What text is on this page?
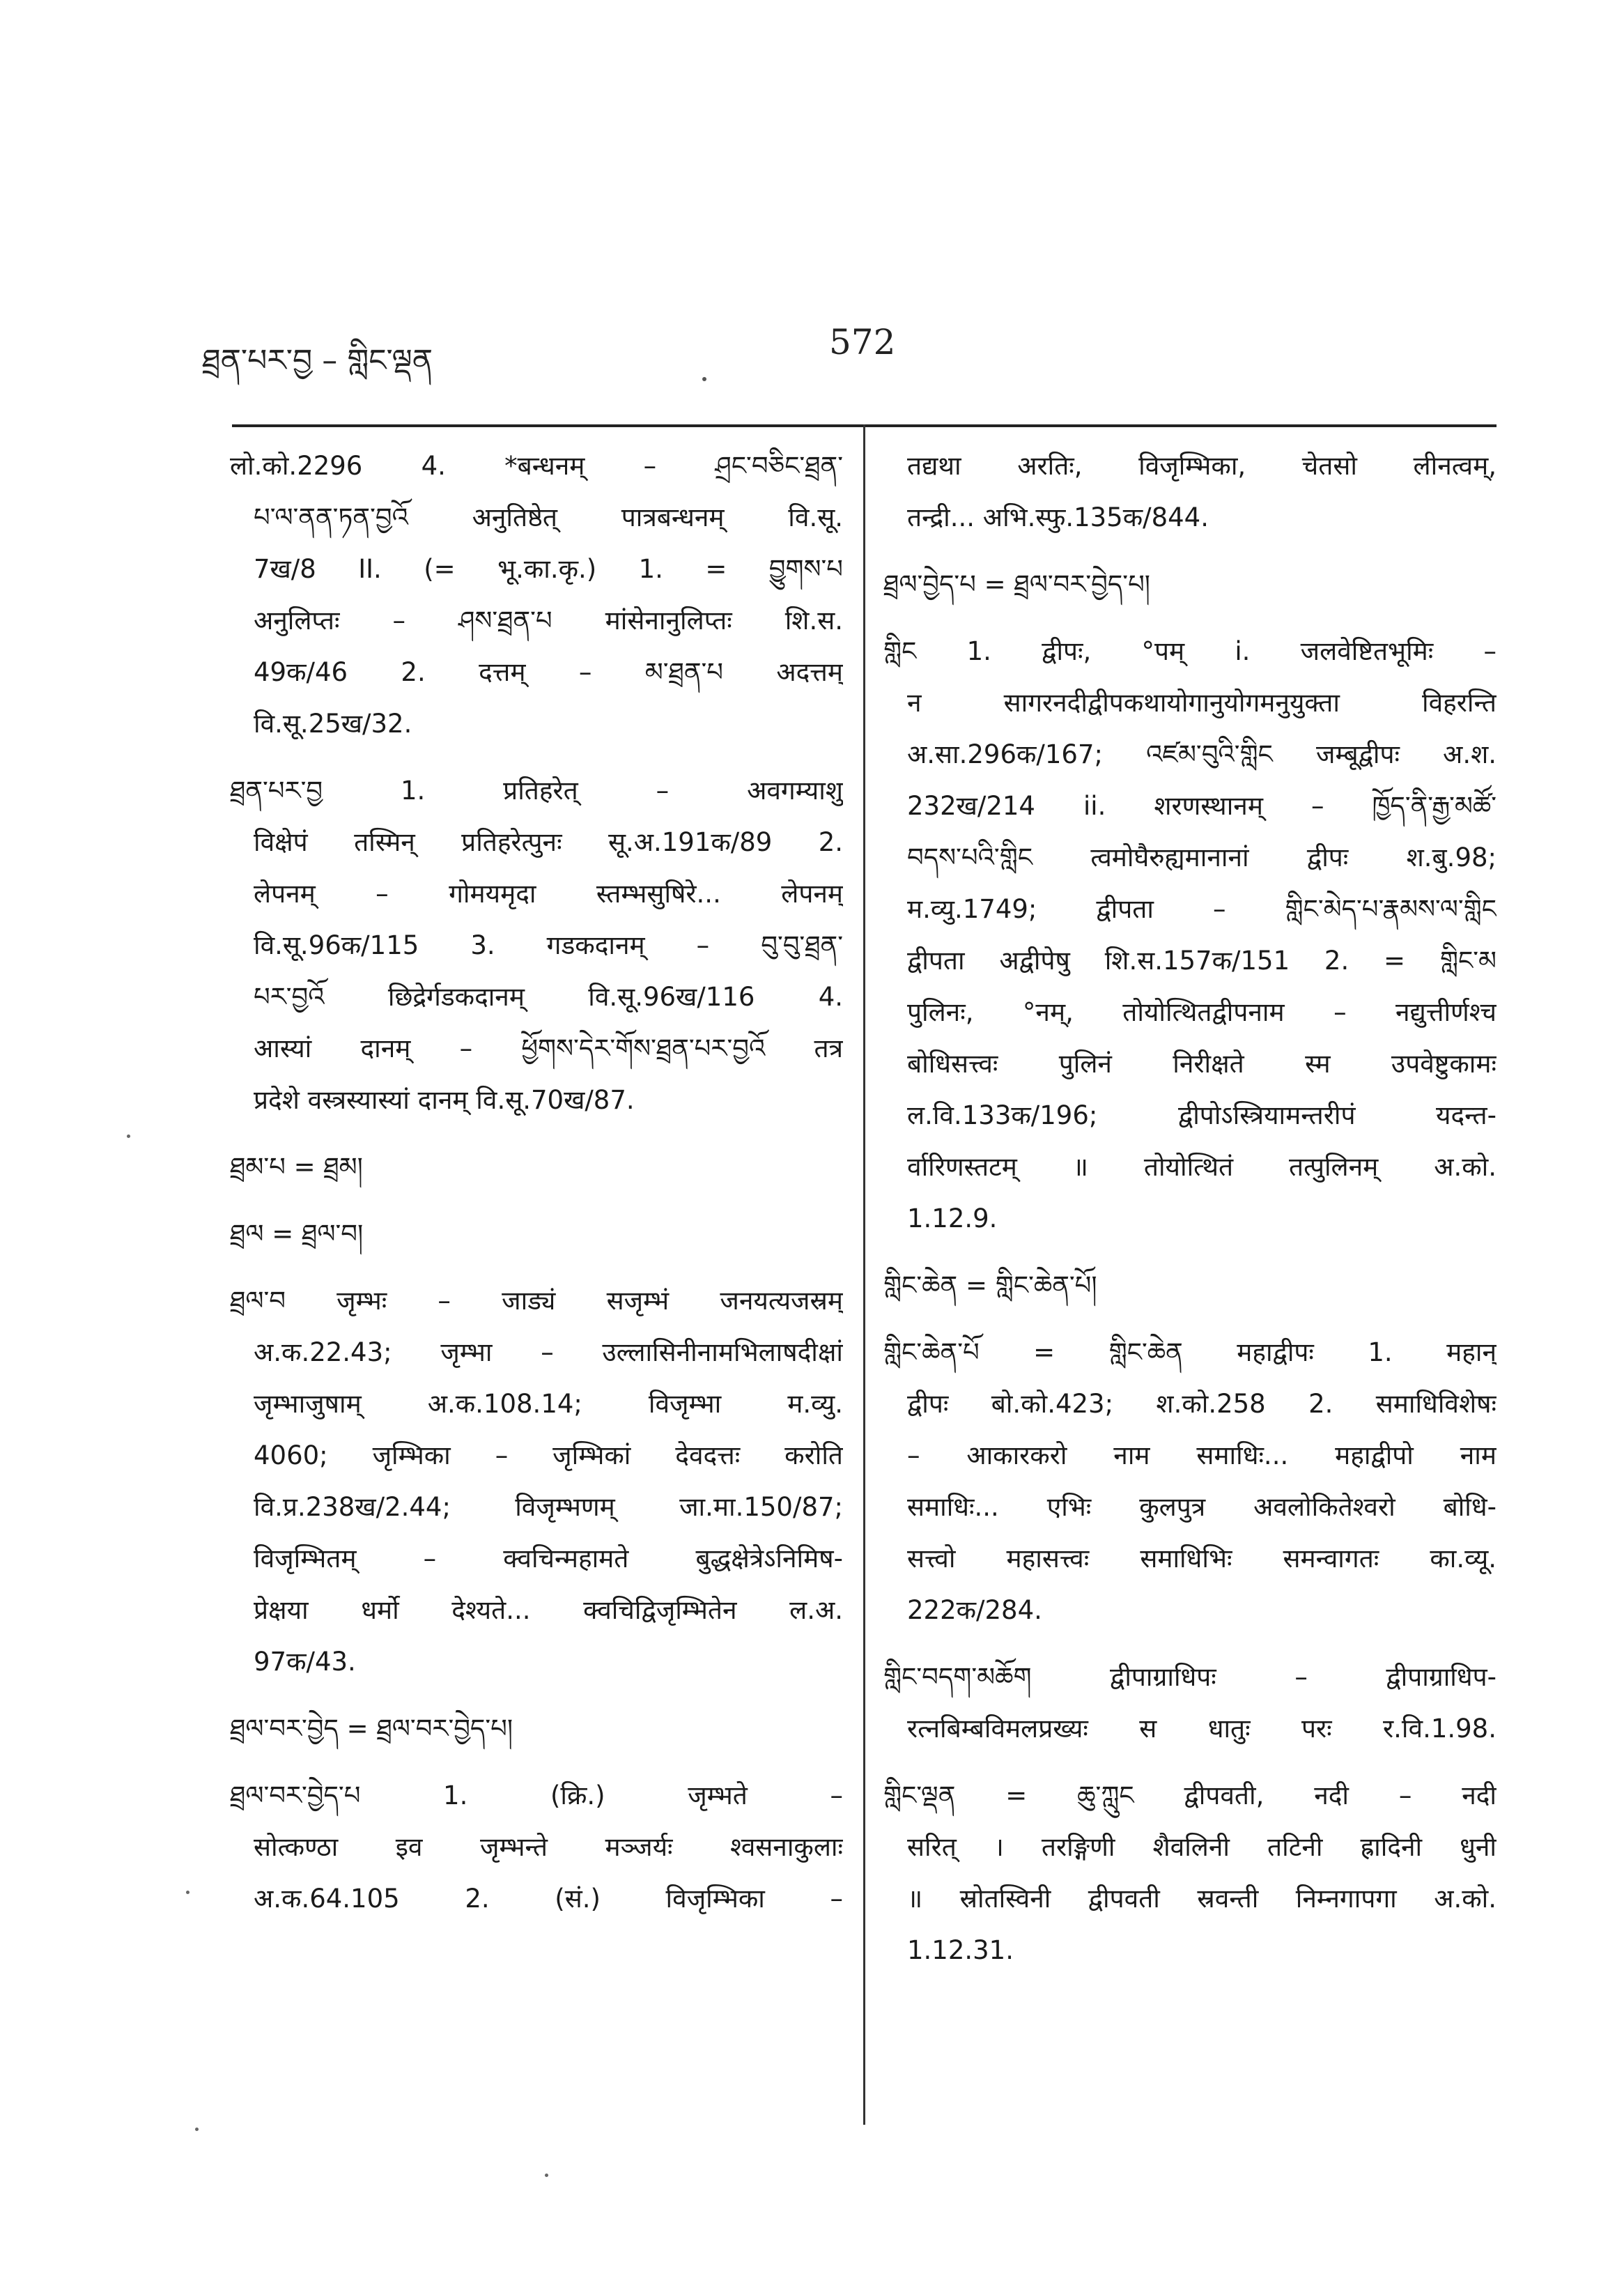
ཐྲན་པར་བྱ – གླིང་ལྡན	572
लो.को.2296 4. *बन्धनम् – ཤྲང་བཅིང་ཐྲན་
པ་ལ་ནན་ཏན་བྱའོ अनुतिष्ठेत् पात्रबन्धनम् वि.सू.
7ख/8 II. (= भू.का.कृ.) 1. = བྱུགས་པ
अनुलिप्तः – ཤས་ཐྲན་པ मांसेनानुलिप्तः शि.स.
49क/46 2. दत्तम् – མ་ཐྲན་པ अदत्तम्
वि.सू.25ख/32.
ཐྲན་པར་བྱ 1. प्रतिहरेत् – अवगम्याशु
विक्षेपं तस्मिन् प्रतिहरेत्पुनः सू.अ.191क/89 2.
लेपनम् – गोमयमृदा स्तम्भसुषिरे... लेपनम्
वि.सू.96क/115 3. गडकदानम् – བུ་བུ་ཐྲན་
པར་བྱའོ छिद्रेर्गडकदानम् वि.सू.96ख/116 4.
आस्यां दानम् – ཕྱོགས་དེར་གོས་ཐྲན་པར་བྱའོ तत्र
प्रदेशे वस्त्रस्यास्यां दानम् वि.सू.70ख/87.
ཐྲམ་པ = ཐྲམ།
ཐྲལ = ཐྲལ་བ།
ཐྲལ་བ जृम्भः – जाड्यं सजृम्भं जनयत्यजस्रम्
अ.क.22.43; जृम्भा – उल्लासिनीनामभिलाषदीक्षां
जृम्भाजुषाम् अ.क.108.14; विजृम्भा म.व्यु.
4060; जृम्भिका – जृम्भिकां देवदत्तः करोति
वि.प्र.238ख/2.44; विजृम्भणम् जा.मा.150/87;
विजृम्भितम् – क्वचिन्महामते बुद्धक्षेत्रेऽनिमिष-
प्रेक्षया धर्मो देश्यते... क्वचिद्विजृम्भितेन ल.अ.
97क/43.
ཐྲལ་བར་བྱེད = ཐྲལ་བར་བྱེད་པ།
ཐྲལ་བར་བྱེད་པ 1. (क्रि.) जृम्भते –
सोत्कण्ठा इव जृम्भन्ते मञ्जर्यः श्वसनाकुलाः
अ.क.64.105 2. (सं.) विजृम्भिका –
तद्यथा अरतिः, विजृम्भिका, चेतसो लीनत्वम्,
तन्द्री... अभि.स्फु.135क/844.
ཐྲལ་བྱེད་པ = ཐྲལ་བར་བྱེད་པ།
གླིང 1. द्वीपः, °पम् i. जलवेष्टितभूमिः –
न सागरनदीद्वीपकथायोगानुयोगमनुयुक्ता विहरन्ति
अ.सा.296क/167; འཛམ་བུའི་གླིང जम्बूद्वीपः अ.श.
232ख/214 ii. शरणस्थानम् – ཁྱོད་ནི་རྒྱ་མཚོ་
བདས་པའི་གླིང त्वमोघैरुह्यमानानां द्वीपः श.बु.98;
म.व्यु.1749; द्वीपता – གླིང་མེད་པ་རྣམས་ལ་གླིང
द्वीपता अद्वीपेषु शि.स.157क/151 2. = གླིང་མ
पुलिनः, °नम्, तोयोत्थितद्वीपनाम – नद्युत्तीर्णश्च
बोधिसत्त्वः पुलिनं निरीक्षते स्म उपवेष्टुकामः
ल.वि.133क/196; द्वीपोऽस्त्रियामन्तरीपं यदन्त-
र्वारिणस्तटम् ॥ तोयोत्थितं तत्पुलिनम् अ.को.
1.12.9.
གླིང་ཆེན = གླིང་ཆེན་པོ།
གླིང་ཆེན་པོ = གླིང་ཆེན महाद्वीपः 1. महान्
द्वीपः बो.को.423; श.को.258 2. समाधिविशेषः
– आकारकरो नाम समाधिः... महाद्वीपो नाम
समाधिः... एभिः कुलपुत्र अवलोकितेश्वरो बोधि-
सत्त्वो महासत्त्वः समाधिभिः समन्वागतः का.व्यू.
222क/284.
གླིང་བདག་མཆོག द्वीपाग्राधिपः – द्वीपाग्राधिप-
रत्नबिम्बविमलप्रख्यः स धातुः परः र.वि.1.98.
གླིང་ལྡན = ཆུ་ཀླུང द्वीपवती, नदी – नदी
सरित् । तरङ्गिणी शैवलिनी तटिनी ह्रादिनी धुनी
॥ स्रोतस्विनी द्वीपवती स्रवन्ती निम्नगापगा अ.को.
1.12.31.
